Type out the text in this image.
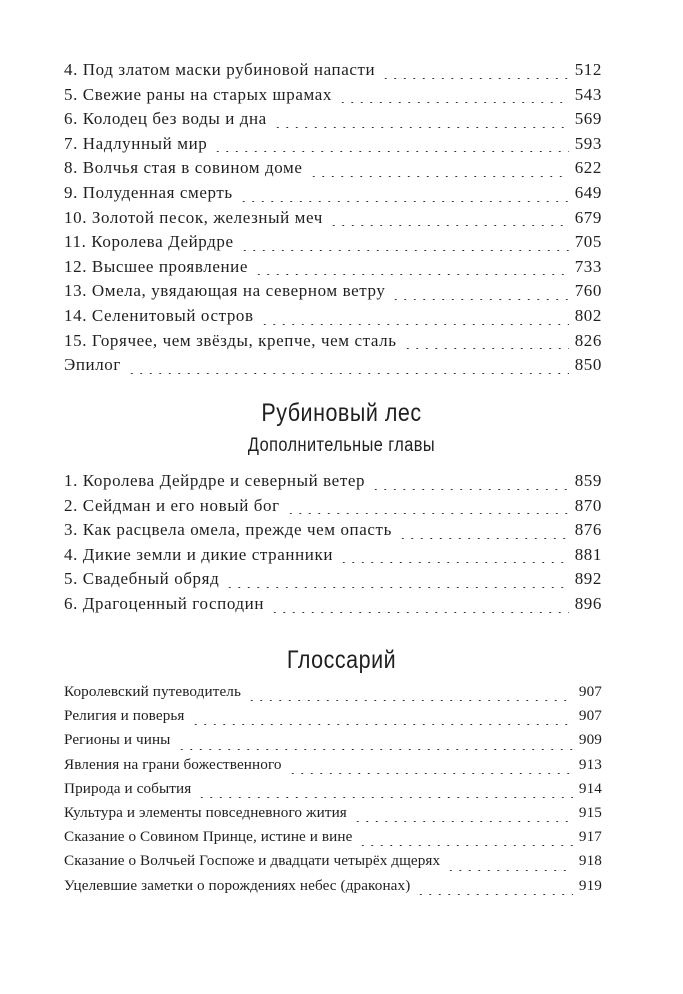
4. Под златом маски рубиновой напасти	512
5. Свежие раны на старых шрамах	543
6. Колодец без воды и дна	569
7. Надлунный мир	593
8. Волчья стая в совином доме	622
9. Полуденная смерть	649
10. Золотой песок, железный меч	679
11. Королева Дейрдре	705
12. Высшее проявление	733
13. Омела, увядающая на северном ветру	760
14. Селенитовый остров	802
15. Горячее, чем звёзды, крепче, чем сталь	826
Эпилог	850
Рубиновый лес
Дополнительные главы
1. Королева Дейрдре и северный ветер	859
2. Сейдман и его новый бог	870
3. Как расцвела омела, прежде чем опасть	876
4. Дикие земли и дикие странники	881
5. Свадебный обряд	892
6. Драгоценный господин	896
Глоссарий
Королевский путеводитель	907
Религия и поверья	907
Регионы и чины	909
Явления на грани божественного	913
Природа и события	914
Культура и элементы повседневного жития	915
Сказание о Совином Принце, истине и вине	917
Сказание о Волчьей Госпоже и двадцати четырёх дщерях	918
Уцелевшие заметки о порождениях небес (драконах)	919
